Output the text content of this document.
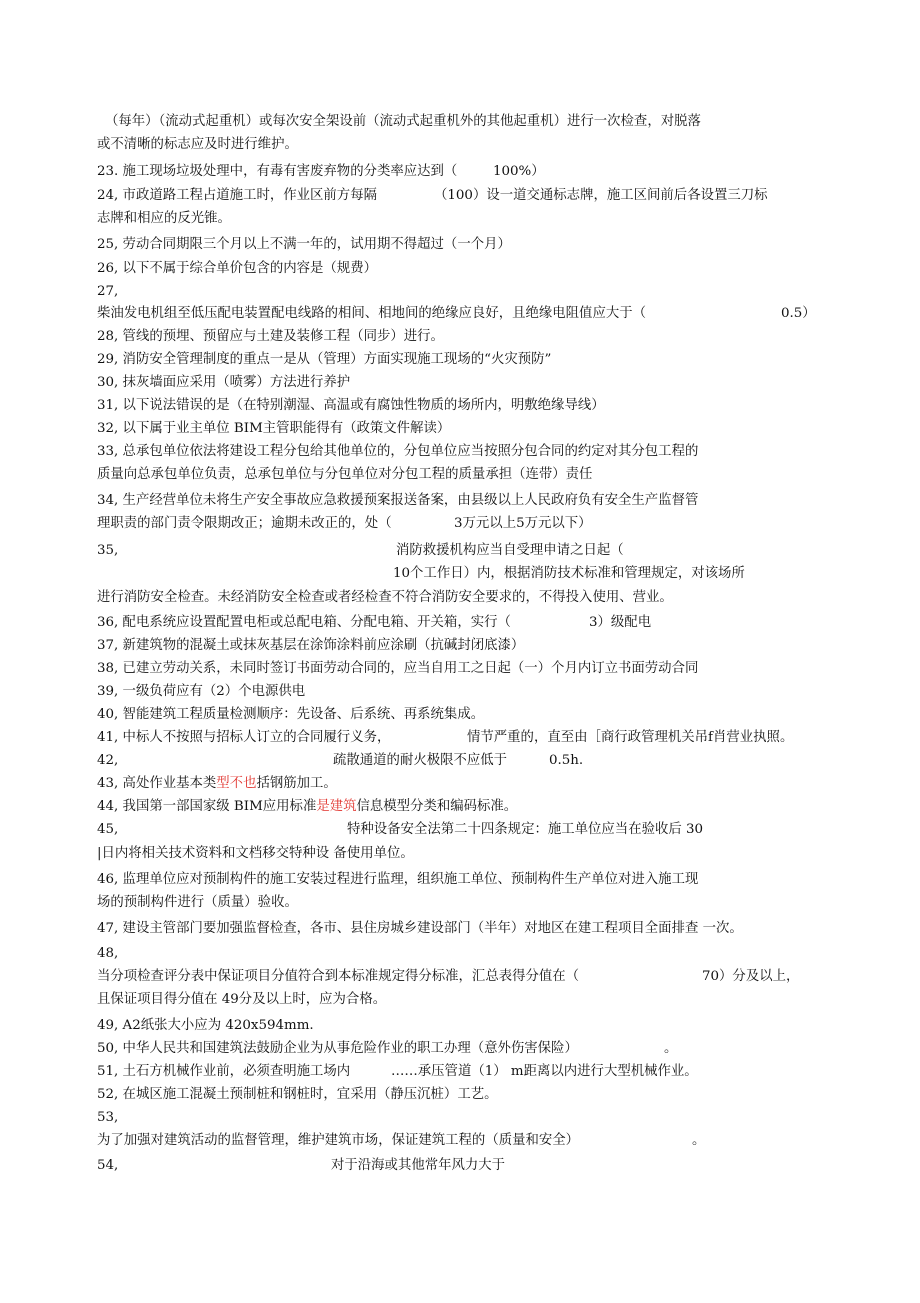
（每年）（流动式起重机）或每次安全架设前（流动式起重机外的其他起重机）进行一次检查，对脱落
或不清晰的标志应及时进行维护。
23. 施工现场垃圾处理中，有毒有害废弃物的分类率应达到（	100%）
24, 市政道路工程占道施工时，作业区前方每隔	（100）设一道交通标志牌，施工区间前后各设置三刀标
志牌和相应的反光锥。
25, 劳动合同期限三个月以上不满一年的，试用期不得超过（一个月）
26, 以下不属于综合单价包含的内容是（规费）
27,
柴油发电机组至低压配电装置配电线路的相间、相地间的绝缘应良好，且绝缘电阻值应大于（	0.5）
28, 管线的预埋、预留应与土建及装修工程（同步）进行。
29, 消防安全管理制度的重点一是从（管理）方面实现施工现场的“火灾预防”
30, 抹灰墙面应采用（喷雾）方法进行养护
31, 以下说法错误的是（在特别潮湿、高温或有腐蚀性物质的场所内，明敷绝缘导线）
32, 以下属于业主单位 BIM主管职能得有（政策文件解读）
33, 总承包单位依法将建设工程分包给其他单位的，分包单位应当按照分包合同的约定对其分包工程的
质量向总承包单位负责，总承包单位与分包单位对分包工程的质量承担（连带）责任
34, 生产经营单位未将生产安全事故应急救援预案报送备案，由县级以上人民政府负有安全生产监督管
理职责的部门责令限期改正；逾期未改正的，处（	3万元以上5万元以下）
35,	消防救援机构应当自受理申请之日起（
10个工作日）内，根据消防技术标准和管理规定，对该场所
进行消防安全检查。未经消防安全检查或者经检查不符合消防安全要求的，不得投入使用、营业。
36, 配电系统应设置配置电柜或总配电箱、分配电箱、开关箱，实行（	3）级配电
37, 新建筑物的混凝土或抹灰基层在涂饰涂料前应涂刷（抗碱封闭底漆）
38, 已建立劳动关系，未同时签订书面劳动合同的，应当自用工之日起（一）个月内订立书面劳动合同
39, 一级负荷应有（2）个电源供电
40, 智能建筑工程质量检测顺序：先设备、后系统、再系统集成。
41, 中标人不按照与招标人订立的合同履行义务，	情节严重的，直至由［商行政管理机关吊f肖营业执照。
42,	疏散通道的耐火极限不应低于	0.5h.
43, 高处作业基本类型不也括钢筋加工。
44, 我国第一部国家级 BIM应用标准是建筑信息模型分类和编码标准。
45,	特种设备安全法第二十四条规定：施工单位应当在验收后 30
|日内将相关技术资料和文档移交特种设 备使用单位。
46, 监理单位应对预制构件的施工安装过程进行监理，组织施工单位、预制构件生产单位对进入施工现
场的预制构件进行（质量）验收。
47, 建设主管部门要加强监督检查，各市、县住房城乡建设部门（半年）对地区在建工程项目全面排查 一次。
48,
当分项检查评分表中保证项目分值符合到本标准规定得分标准，汇总表得分值在（	70）分及以上，
且保证项目得分值在 49分及以上时，应为合格。
49, A2纸张大小应为 420x594mm.
50, 中华人民共和国建筑法鼓励企业为从事危险作业的职工办理（意外伤害保险）	。
51, 土石方机械作业前，必须查明施工场内	……承压管道（1） m距离以内进行大型机械作业。
52, 在城区施工混凝土预制桩和钢桩时，宜采用（静压沉桩）工艺。
53,
为了加强对建筑活动的监督管理，维护建筑市场，保证建筑工程的（质量和安全）	。
54,	对于沿海或其他常年风力大于
